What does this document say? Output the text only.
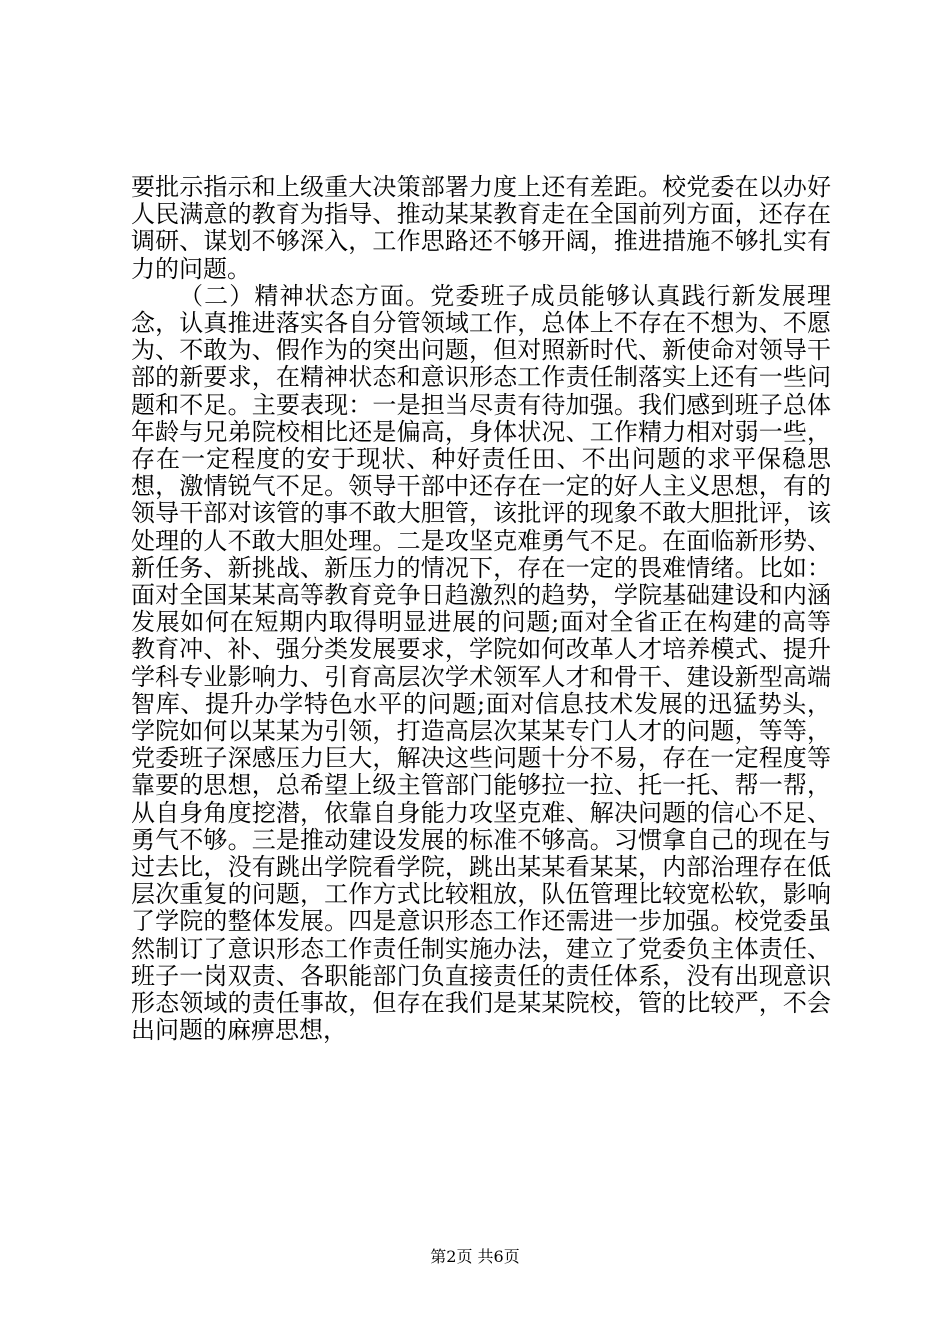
要批示指示和上级重大决策部署力度上还有差距。校党委在以办好人民满意的教育为指导、推动某某教育走在全国前列方面，还存在调研、谋划不够深入，工作思路还不够开阔，推进措施不够扎实有力的问题。

（二）精神状态方面。党委班子成员能够认真践行新发展理念，认真推进落实各自分管领域工作，总体上不存在不想为、不愿为、不敢为、假作为的突出问题，但对照新时代、新使命对领导干部的新要求，在精神状态和意识形态工作责任制落实上还有一些问题和不足。主要表现：一是担当尽责有待加强。我们感到班子总体年龄与兄弟院校相比还是偏高，身体状况、工作精力相对弱一些，存在一定程度的安于现状、种好责任田、不出问题的求平保稳思想，激情锐气不足。领导干部中还存在一定的好人主义思想，有的领导干部对该管的事不敢大胆管，该批评的现象不敢大胆批评，该处理的人不敢大胆处理。二是攻坚克难勇气不足。在面临新形势、新任务、新挑战、新压力的情况下，存在一定的畏难情绪。比如：面对全国某某高等教育竞争日趋激烈的趋势，学院基础建设和内涵发展如何在短期内取得明显进展的问题;面对全省正在构建的高等教育冲、补、强分类发展要求，学院如何改革人才培养模式、提升学科专业影响力、引育高层次学术领军人才和骨干、建设新型高端智库、提升办学特色水平的问题;面对信息技术发展的迅猛势头，学院如何以某某为引领，打造高层次某某专门人才的问题，等等，党委班子深感压力巨大，解决这些问题十分不易，存在一定程度等靠要的思想，总希望上级主管部门能够拉一拉、托一托、帮一帮，从自身角度挖潜，依靠自身能力攻坚克难、解决问题的信心不足、勇气不够。三是推动建设发展的标准不够高。习惯拿自己的现在与过去比，没有跳出学院看学院，跳出某某看某某，内部治理存在低层次重复的问题，工作方式比较粗放，队伍管理比较宽松软，影响了学院的整体发展。四是意识形态工作还需进一步加强。校党委虽然制订了意识形态工作责任制实施办法，建立了党委负主体责任、班子一岗双责、各职能部门负直接责任的责任体系，没有出现意识形态领域的责任事故，但存在我们是某某院校，管的比较严，不会出问题的麻痹思想，

第2页 共6页
